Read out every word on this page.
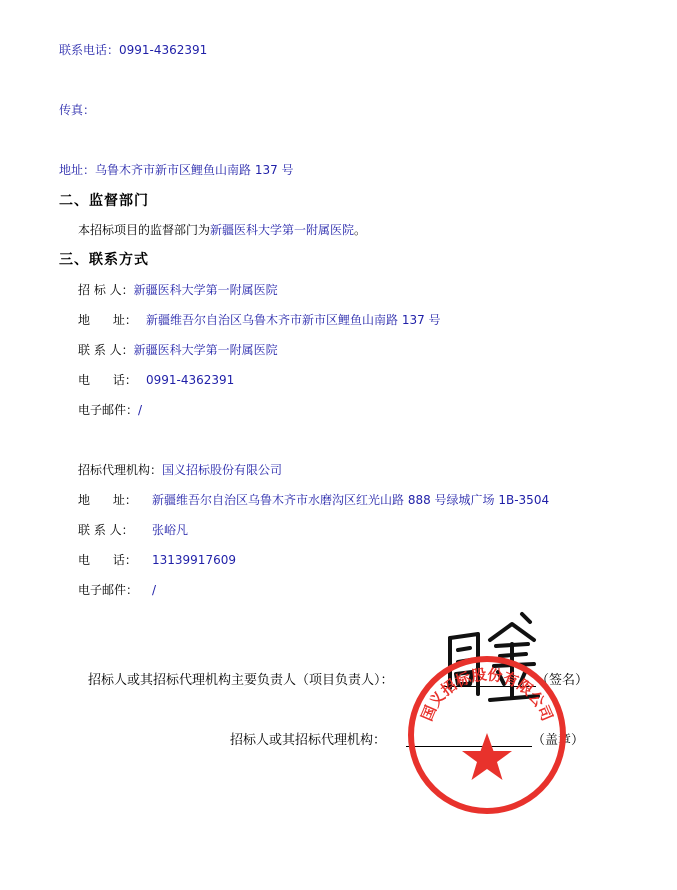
联系电话：0991-4362391
传真：
地址：乌鲁木齐市新市区鲤鱼山南路 137 号
二、监督部门
本招标项目的监督部门为新疆医科大学第一附属医院。
三、联系方式
招 标 人：新疆医科大学第一附属医院
地      址： 新疆维吾尔自治区乌鲁木齐市新市区鲤鱼山南路 137 号
联 系 人：新疆医科大学第一附属医院
电      话： 0991-4362391
电子邮件：/
招标代理机构：国义招标股份有限公司
地      址： 新疆维吾尔自治区乌鲁木齐市水磨沟区红光山路 888 号绿城广场 1B-3504
联 系 人： 张峪凡
电      话： 13139917609
电子邮件： /
招标人或其招标代理机构主要负责人（项目负责人）：	（签名）
招标人或其招标代理机构：	（盖章）
国义招标股份有限公司
